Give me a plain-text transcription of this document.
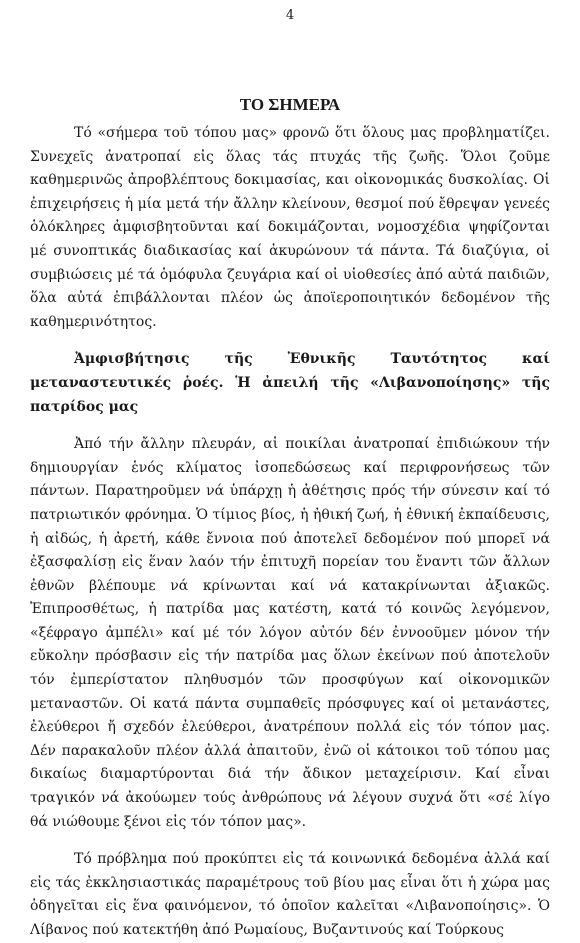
4
ΤΟ ΣΗΜΕΡΑ

Τό «σήμερα τοῦ τόπου μας» φρονῶ ὅτι ὅλους μας προβληματίζει. Συνεχεῖς ἀνατροπαί εἰς ὅλας τάς πτυχάς τῆς ζωῆς. Ὅλοι ζοῦμε καθημερινῶς ἀπροβλέπτους δοκιμασίας, και οἰκονομικάς δυσκολίας. Οἱ ἐπιχειρήσεις ἡ μία μετά τήν ἄλλην κλείνουν, θεσμοί πού ἔθρεψαν γενεές ὁλόκληρες ἀμφισβητοῦνται καί δοκιμάζονται, νομοσχέδια ψηφίζονται μέ συνοπτικάς διαδικασίας καί ἀκυρώνουν τά πάντα. Τά διαζύγια, οἱ συμβιώσεις μέ τά ὁμόφυλα ζευγάρια καί οἱ υἱοθεσίες ἀπό αὐτά παιδιῶν, ὅλα αὐτά ἐπιβάλλονται πλέον ὡς ἀποϊεροποιητικόν δεδομένον τῆς καθημερινότητος.

Ἀμφισβήτησις τῆς Ἐθνικῆς Ταυτότητος καί μεταναστευτικές ῥοές. Ἡ ἀπειλή τῆς «Λιβανοποίησης» τῆς πατρίδος μας

Ἀπό τήν ἄλλην πλευράν, αἱ ποικίλαι ἀνατροπαί ἐπιδιώκουν τήν δημιουργίαν ἑνός κλίματος ἰσοπεδώσεως καί περιφρονήσεως τῶν πάντων. Παρατηροῦμεν νά ὑπάρχῃ ἡ ἀθέτησις πρός τήν σύνεσιν καί τό πατριωτικόν φρόνημα. Ὁ τίμιος βίος, ἡ ἠθική ζωή, ἡ ἐθνική ἐκπαίδευσις, ἡ αἰδώς, ἡ ἀρετή, κάθε ἔννοια πού ἀποτελεῖ δεδομένον πού μπορεῖ νά ἐξασφαλίσῃ εἰς ἕναν λαόν τήν ἐπιτυχῆ πορείαν του ἔναντι τῶν ἄλλων ἐθνῶν βλέπουμε νά κρίνωνται καί νά κατακρίνωνται ἀξιακῶς. Ἐπιπροσθέτως, ἡ πατρίδα μας κατέστη, κατά τό κοινῶς λεγόμενον, «ξέφραγο ἀμπέλι» καί μέ τόν λόγον αὐτόν δέν ἐννοοῦμεν μόνον τήν εὔκολην πρόσβασιν εἰς τήν πατρίδα μας ὅλων ἐκείνων πού ἀποτελοῦν τόν ἐμπερίστατον πληθυσμόν τῶν προσφύγων καί οἰκονομικῶν μεταναστῶν. Οἱ κατά πάντα συμπαθεῖς πρόσφυγες καί οἱ μετανάστες, ἐλεύθεροι ἤ σχεδόν ἐλεύθεροι, ἀνατρέπουν πολλά εἰς τόν τόπον μας. Δέν παρακαλοῦν πλέον ἀλλά ἀπαιτοῦν, ἐνῶ οἱ κάτοικοι τοῦ τόπου μας δικαίως διαμαρτύρονται διά τήν ἄδικον μεταχείρισιν. Καί εἶναι τραγικόν νά ἀκούωμεν τούς ἀνθρώπους νά λέγουν συχνά ὅτι «σέ λίγο θά νιώθουμε ξένοι εἰς τόν τόπον μας».

Τό πρόβλημα πού προκύπτει εἰς τά κοινωνικά δεδομένα ἀλλά καί εἰς τάς ἐκκλησιαστικάς παραμέτρους τοῦ βίου μας εἶναι ὅτι ἡ χώρα μας ὁδηγεῖται εἰς ἕνα φαινόμενον, τό ὁποῖον καλεῖται «Λιβανοποίησις». Ὁ Λίβανος πού κατεκτήθη ἀπό Ρωμαίους, Βυζαντινούς καί Τούρκους
